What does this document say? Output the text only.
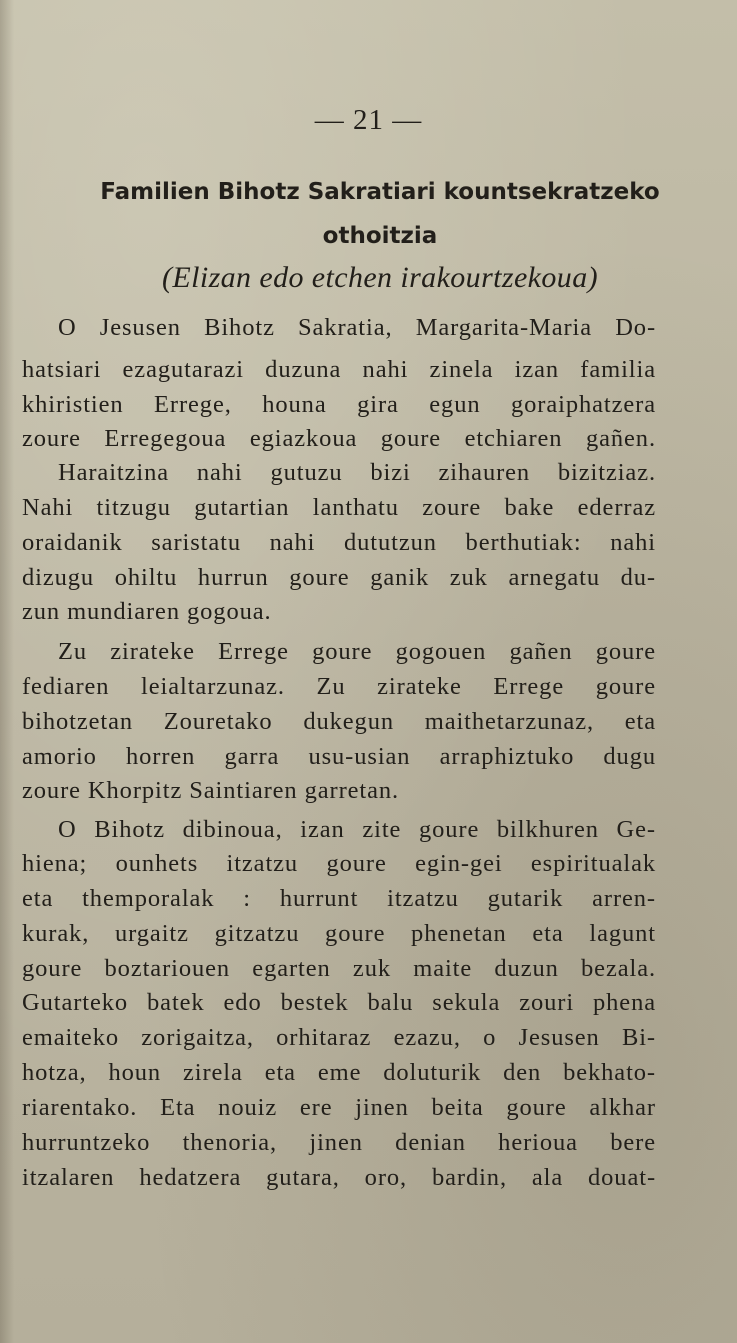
— 21 —
Familien Bihotz Sakratiari kountsekratzeko
othoitzia
(Elizan edo etchen irakourtzekoua)
O Jesusen Bihotz Sakratia, Margarita-Maria Do-
hatsiari ezagutarazi duzuna nahi zinela izan familia
khiristien Errege, houna gira egun goraiphatzera
zoure Erregegoua egiazkoua goure etchiaren gañen.
Haraitzina nahi gutuzu bizi zihauren bizitziaz.
Nahi titzugu gutartian lanthatu zoure bake ederraz
oraidanik saristatu nahi dututzun berthutiak: nahi
dizugu ohiltu hurrun goure ganik zuk arnegatu du-
zun mundiaren gogoua.
Zu zirateke Errege goure gogouen gañen goure
fediaren leialtarzunaz. Zu zirateke Errege goure
bihotzetan Zouretako dukegun maithetarzunaz, eta
amorio horren garra usu-usian arraphiztuko dugu
zoure Khorpitz Saintiaren garretan.
O Bihotz dibinoua, izan zite goure bilkhuren Ge-
hiena; ounhets itzatzu goure egin-gei espiritualak
eta themporalak : hurrunt itzatzu gutarik arren-
kurak, urgaitz gitzatzu goure phenetan eta lagunt
goure boztariouen egarten zuk maite duzun bezala.
Gutarteko batek edo bestek balu sekula zouri phena
emaiteko zorigaitza, orhitaraz ezazu, o Jesusen Bi-
hotza, houn zirela eta eme doluturik den bekhato-
riarentako. Eta nouiz ere jinen beita goure alkhar
hurruntzeko thenoria, jinen denian herioua bere
itzalaren hedatzera gutara, oro, bardin, ala douat-
